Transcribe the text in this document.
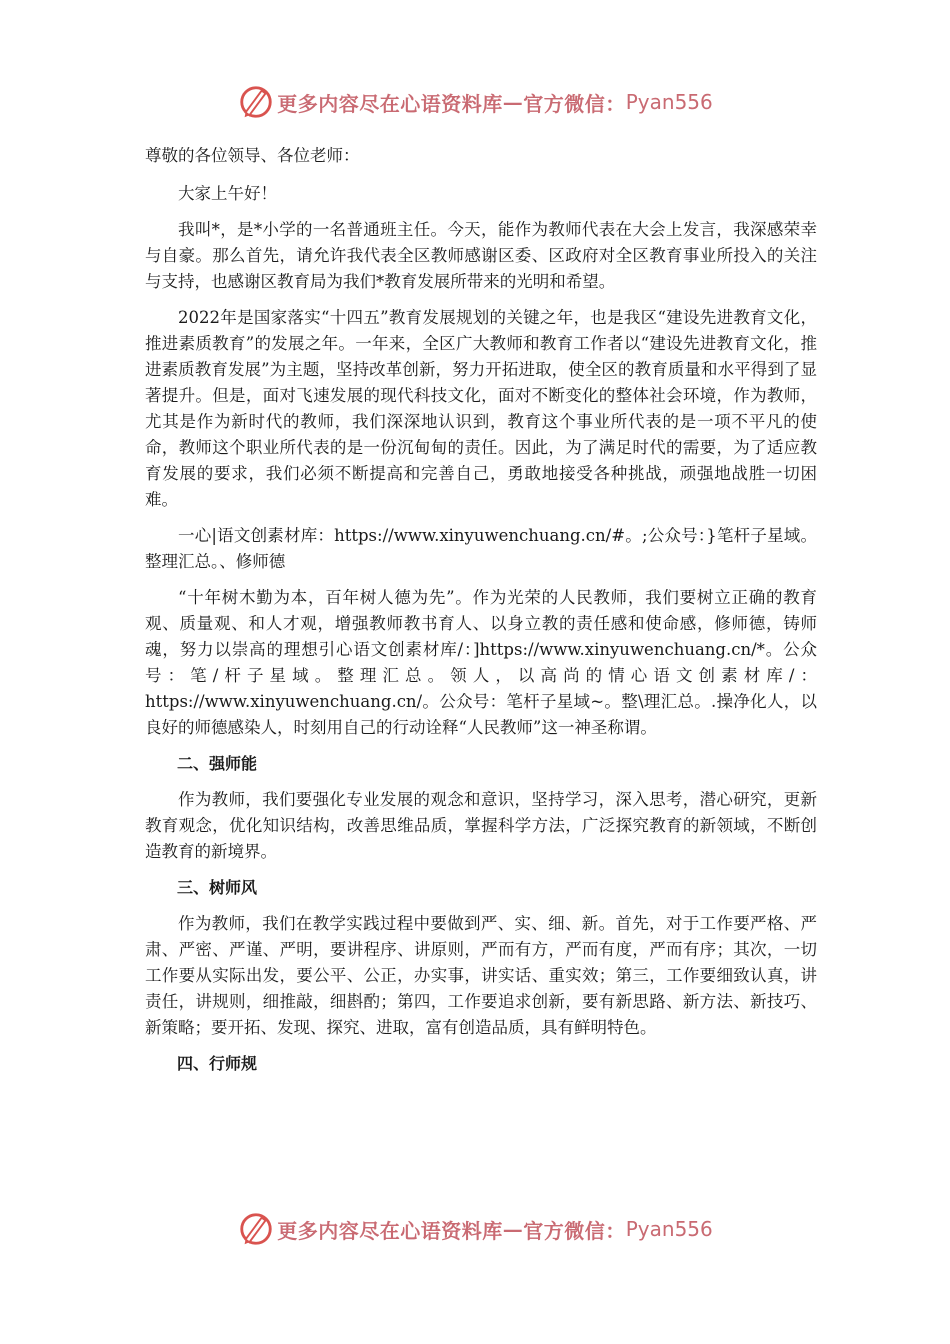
更多内容尽在心语资料库 — 官方微信： Pyan556

尊敬的各位领导、各位老师：

大家上午好！

我叫*，是*小学的一名普通班主任。今天，能作为教师代表在大会上发言，我深感荣幸与自豪。那么首先，请允许我代表全区教师感谢区委、区政府对全区教育事业所投入的关注与支持，也感谢区教育局为我们*教育发展所带来的光明和希望。

2022年是国家落实“十四五”教育发展规划的关键之年，也是我区“建设先进教育文化，推进素质教育”的发展之年。一年来，全区广大教师和教育工作者以“建设先进教育文化，推进素质教育发展”为主题，坚持改革创新，努力开拓进取，使全区的教育质量和水平得到了显著提升。但是，面对飞速发展的现代科技文化，面对不断变化的整体社会环境，作为教师，尤其是作为新时代的教师，我们深深地认识到，教育这个事业所代表的是一项不平凡的使命，教师这个职业所代表的是一份沉甸甸的责任。因此，为了满足时代的需要，为了适应教育发展的要求，我们必须不断提高和完善自己，勇敢地接受各种挑战，顽强地战胜一切困难。

一心|语文创素材库：https://www.xinyuwenchuang.cn/#。;公众号：}笔杆子星域。整理汇总。、修师德

“十年树木勤为本，百年树人德为先”。作为光荣的人民教师，我们要树立正确的教育观、质量观、和人才观，增强教师教书育人、以身立教的责任感和使命感，修师德，铸师魂，努力以崇高的理想引心语文创素材库/：]https://www.xinyuwenchuang.cn/*。公众号：笔/杆子星域。整理汇总。领人，以高尚的情心语文创素材库/：https://www.xinyuwenchuang.cn/。公众号：笔杆子星域~。整\理汇总。.操净化人，以良好的师德感染人，时刻用自己的行动诠释“人民教师”这一神圣称谓。

二、强师能

作为教师，我们要强化专业发展的观念和意识，坚持学习，深入思考，潜心研究，更新教育观念，优化知识结构，改善思维品质，掌握科学方法，广泛探究教育的新领域，不断创造教育的新境界。

三、树师风

作为教师，我们在教学实践过程中要做到严、实、细、新。首先，对于工作要严格、严肃、严密、严谨、严明，要讲程序、讲原则，严而有方，严而有度，严而有序；其次，一切工作要从实际出发，要公平、公正，办实事，讲实话、重实效；第三，工作要细致认真，讲责任，讲规则，细推敲，细斟酌；第四，工作要追求创新，要有新思路、新方法、新技巧、新策略；要开拓、发现、探究、进取，富有创造品质，具有鲜明特色。

四、行师规

更多内容尽在心语资料库 — 官方微信： Pyan556
